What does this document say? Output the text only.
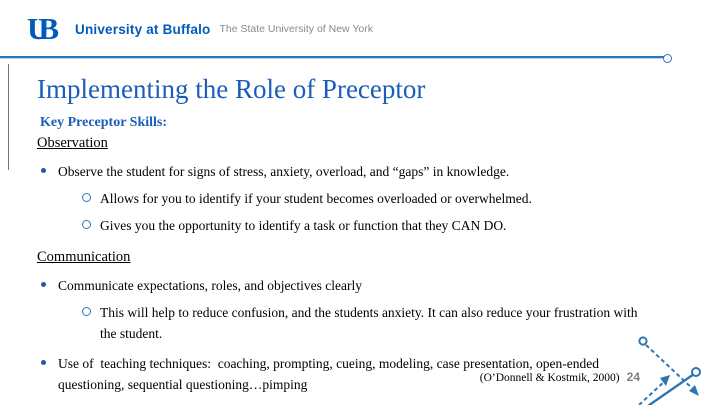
UB	University at Buffalo The State University of New York
Implementing the Role of Preceptor
Key Preceptor Skills:
Observation
Observe the student for signs of stress, anxiety, overload, and “gaps” in knowledge.
Allows for you to identify if your student becomes overloaded or overwhelmed.
Gives you the opportunity to identify a task or function that they CAN DO.
Communication
Communicate expectations, roles, and objectives clearly
This will help to reduce confusion, and the students anxiety. It can also reduce your frustration with the student.
Use of  teaching techniques:  coaching, prompting, cueing, modeling, case presentation, open-ended questioning, sequential questioning…pimping	(O’Donnell & Kostmik, 2000) 24
